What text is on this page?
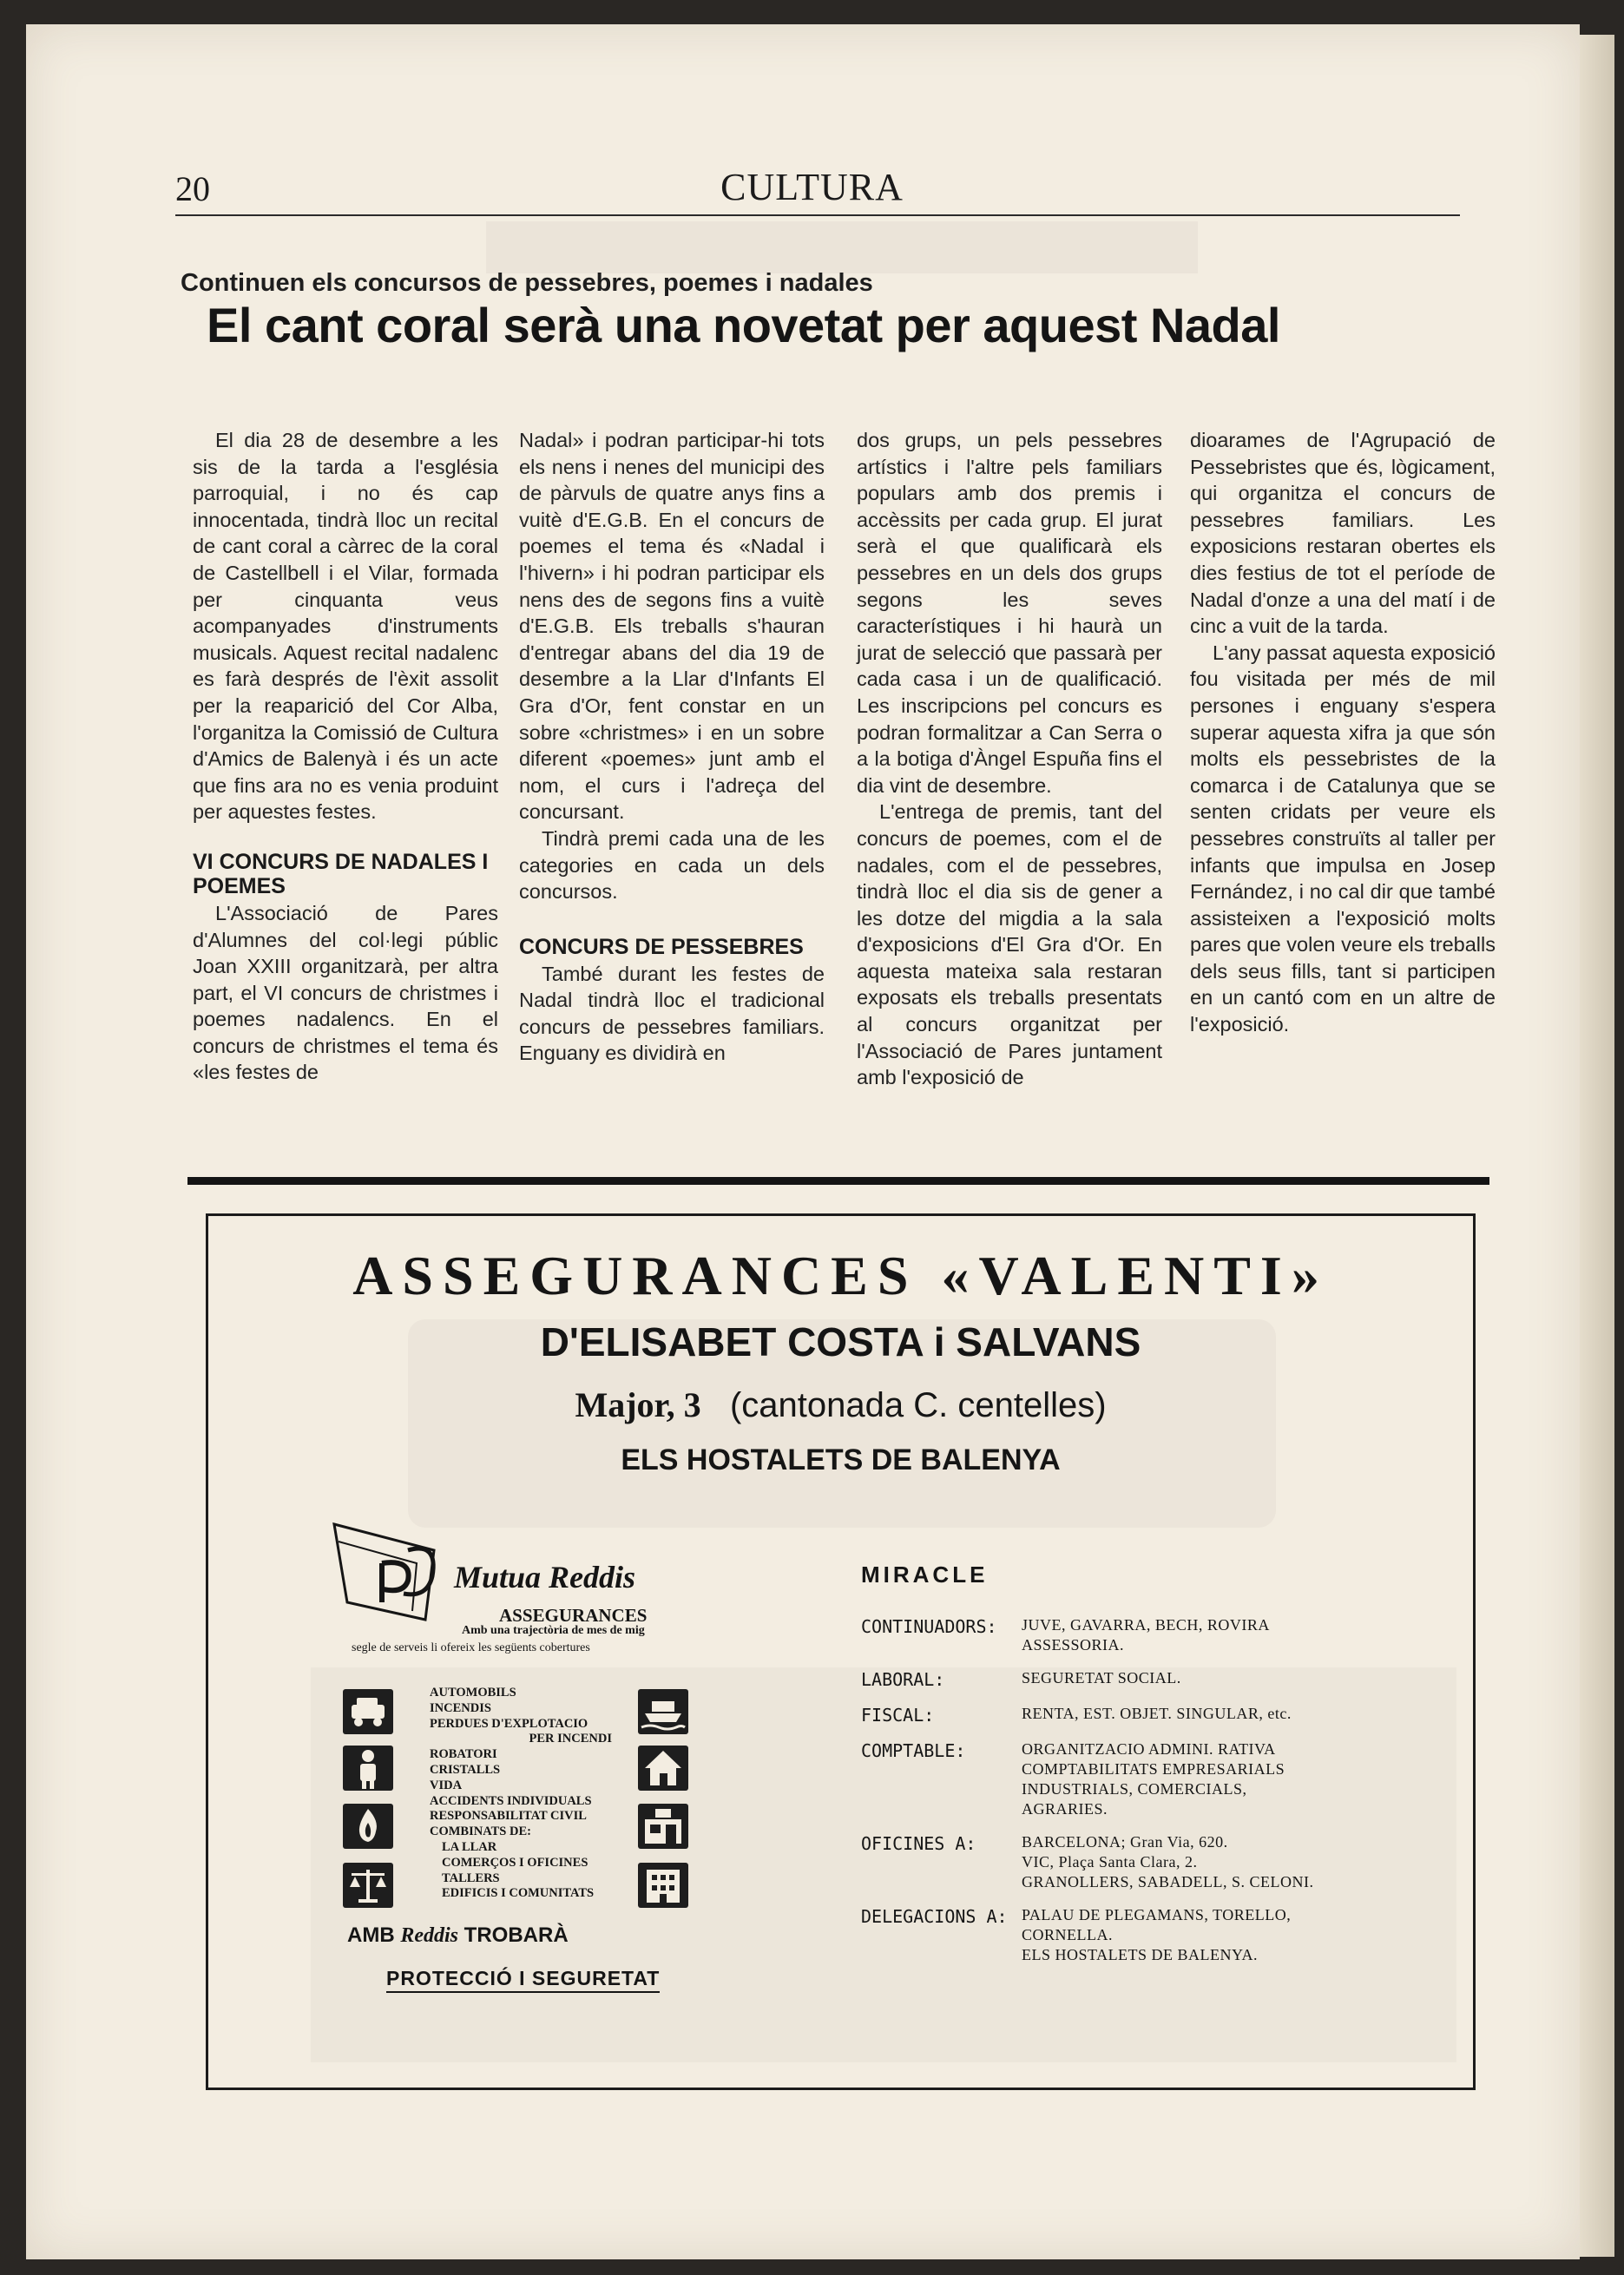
20	CULTURA
Continuen els concursos de pessebres, poemes i nadales
El cant coral serà una novetat per aquest Nadal

El dia 28 de desembre a les sis de la tarda a l'església parroquial, i no és cap innocentada, tindrà lloc un recital de cant coral a càrrec de la coral de Castellbell i el Vilar, formada per cinquanta veus acompanyades d'instruments musicals. Aquest recital nadalenc es farà després de l'èxit assolit per la reaparició del Cor Alba, l'organitza la Comissió de Cultura d'Amics de Balenyà i és un acte que fins ara no es venia produint per aquestes festes.

VI CONCURS DE NADALES I POEMES

L'Associació de Pares d'Alumnes del col·legi públic Joan XXIII organitzarà, per altra part, el VI concurs de christmes i poemes nadalencs. En el concurs de christmes el tema és «les festes de

Nadal» i podran participar-hi tots els nens i nenes del municipi des de pàrvuls de quatre anys fins a vuitè d'E.G.B. En el concurs de poemes el tema és «Nadal i l'hivern» i hi podran participar els nens des de segons fins a vuitè d'E.G.B. Els treballs s'hauran d'entregar abans del dia 19 de desembre a la Llar d'Infants El Gra d'Or, fent constar en un sobre «christmes» i en un sobre diferent «poemes» junt amb el nom, el curs i l'adreça del concursant.

Tindrà premi cada una de les categories en cada un dels concursos.

CONCURS DE PESSEBRES

També durant les festes de Nadal tindrà lloc el tradicional concurs de pessebres familiars. Enguany es dividirà en

dos grups, un pels pessebres artístics i l'altre pels familiars populars amb dos premis i accèssits per cada grup. El jurat serà el que qualificarà els pessebres en un dels dos grups segons les seves característiques i hi haurà un jurat de selecció que passarà per cada casa i un de qualificació. Les inscripcions pel concurs es podran formalitzar a Can Serra o a la botiga d'Àngel Espuña fins el dia vint de desembre.

L'entrega de premis, tant del concurs de poemes, com el de nadales, com el de pessebres, tindrà lloc el dia sis de gener a les dotze del migdia a la sala d'exposicions d'El Gra d'Or. En aquesta mateixa sala restaran exposats els treballs presentats al concurs organitzat per l'Associació de Pares juntament amb l'exposició de

dioarames de l'Agrupació de Pessebristes que és, lògicament, qui organitza el concurs de pessebres familiars. Les exposicions restaran obertes els dies festius de tot el període de Nadal d'onze a una del matí i de cinc a vuit de la tarda.

L'any passat aquesta exposició fou visitada per més de mil persones i enguany s'espera superar aquesta xifra ja que són molts els pessebristes de la comarca i de Catalunya que se senten cridats per veure els pessebres construïts al taller per infants que impulsa en Josep Fernández, i no cal dir que també assisteixen a l'exposició molts pares que volen veure els treballs dels seus fills, tant si participen en un cantó com en un altre de l'exposició.

ASSEGURANCES «VALENTI»
D'ELISABET COSTA i SALVANS
Major, 3 (cantonada C. centelles)
ELS HOSTALETS DE BALENYA
Mutua Reddis
ASSEGURANCES
Amb una trajectòria de mes de mig
segle de serveis li ofereix les següents cobertures
AUTOMOBILS
INCENDIS
PERDUES D'EXPLOTACIO
PER INCENDI
ROBATORI
CRISTALLS
VIDA
ACCIDENTS INDIVIDUALS
RESPONSABILITAT CIVIL
COMBINATS DE:
LA LLAR
COMERÇOS I OFICINES
TALLERS
EDIFICIS I COMUNITATS
AMB Reddis TROBARÀ
PROTECCIÓ I SEGURETAT
MIRACLE
CONTINUADORS:	JUVE, GAVARRA, BECH, ROVIRA
ASSESSORIA.
LABORAL:	SEGURETAT SOCIAL.
FISCAL:	RENTA, EST. OBJET. SINGULAR, etc.
COMPTABLE:	ORGANITZACIO ADMINI. RATIVA
COMPTABILITATS EMPRESARIALS
INDUSTRIALS, COMERCIALS,
AGRARIES.
OFICINES A:	BARCELONA; Gran Via, 620.
VIC, Plaça Santa Clara, 2.
GRANOLLERS, SABADELL, S. CELONI.
DELEGACIONS A: PALAU DE PLEGAMANS, TORELLO,
CORNELLA.
ELS HOSTALETS DE BALENYA.
